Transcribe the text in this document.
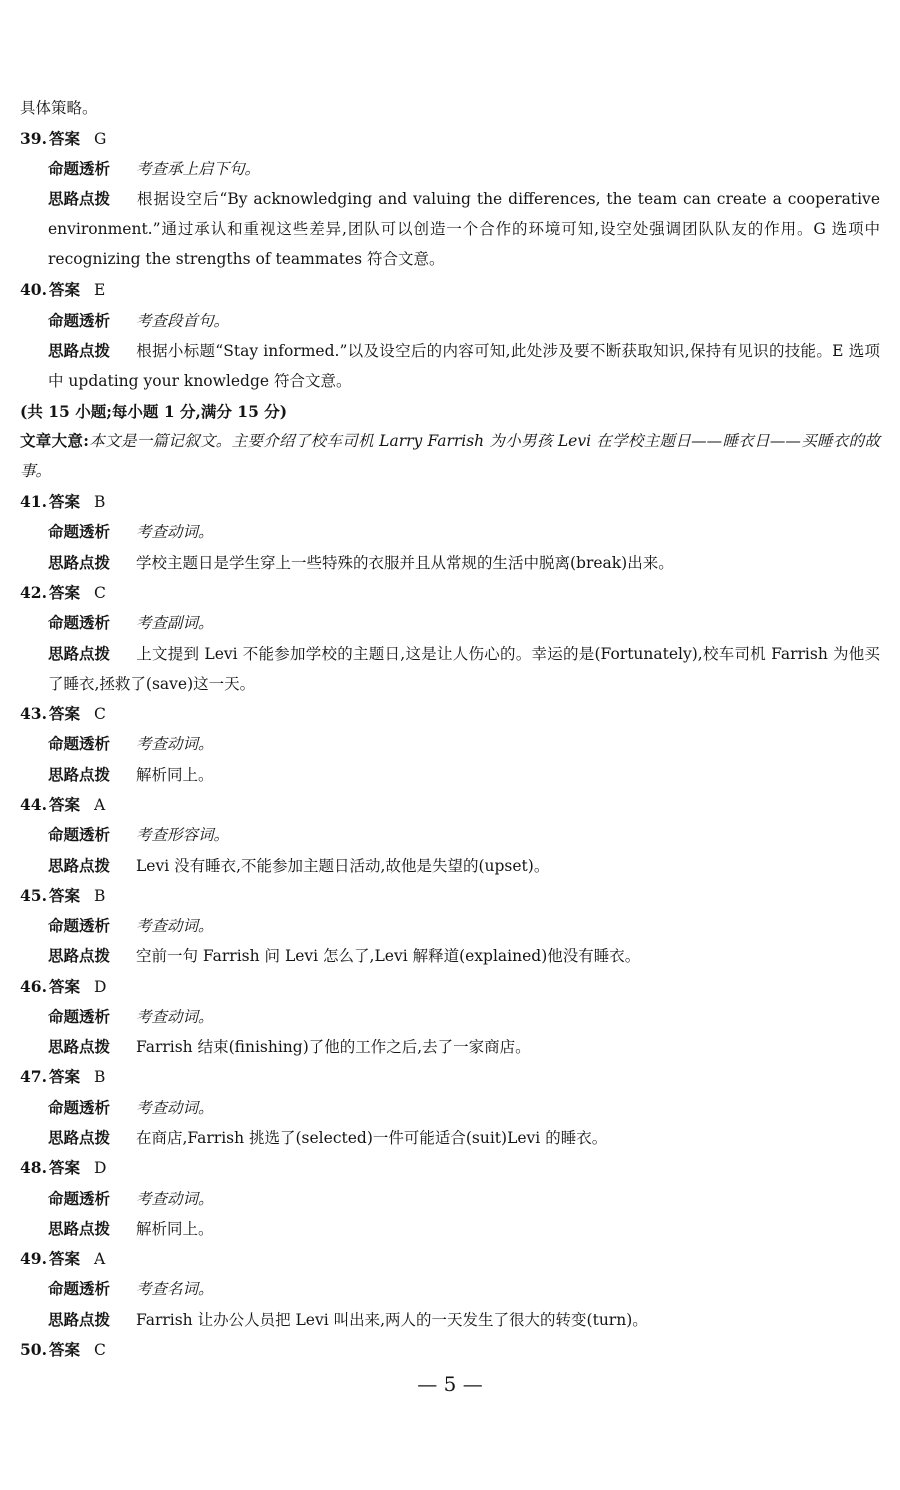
具体策略。
39. 答案 G
命题透析 考查承上启下句。
思路点拨 根据设空后“By acknowledging and valuing the differences, the team can create a cooperative environment.”通过承认和重视这些差异,团队可以创造一个合作的环境可知,设空处强调团队队友的作用。G 选项中 recognizing the strengths of teammates 符合文意。
40. 答案 E
命题透析 考查段首句。
思路点拨 根据小标题“Stay informed.”以及设空后的内容可知,此处涉及要不断获取知识,保持有见识的技能。E 选项中 updating your knowledge 符合文意。
(共 15 小题;每小题 1 分,满分 15 分)
文章大意:本文是一篇记叙文。主要介绍了校车司机 Larry Farrish 为小男孩 Levi 在学校主题日——睡衣日——买睡衣的故事。
41. 答案 B
命题透析 考查动词。
思路点拨 学校主题日是学生穿上一些特殊的衣服并且从常规的生活中脱离(break)出来。
42. 答案 C
命题透析 考查副词。
思路点拨 上文提到 Levi 不能参加学校的主题日,这是让人伤心的。幸运的是(Fortunately),校车司机 Farrish 为他买了睡衣,拯救了(save)这一天。
43. 答案 C
命题透析 考查动词。
思路点拨 解析同上。
44. 答案 A
命题透析 考查形容词。
思路点拨 Levi 没有睡衣,不能参加主题日活动,故他是失望的(upset)。
45. 答案 B
命题透析 考查动词。
思路点拨 空前一句 Farrish 问 Levi 怎么了,Levi 解释道(explained)他没有睡衣。
46. 答案 D
命题透析 考查动词。
思路点拨 Farrish 结束(finishing)了他的工作之后,去了一家商店。
47. 答案 B
命题透析 考查动词。
思路点拨 在商店,Farrish 挑选了(selected)一件可能适合(suit)Levi 的睡衣。
48. 答案 D
命题透析 考查动词。
思路点拨 解析同上。
49. 答案 A
命题透析 考查名词。
思路点拨 Farrish 让办公人员把 Levi 叫出来,两人的一天发生了很大的转变(turn)。
50. 答案 C
— 5 —
